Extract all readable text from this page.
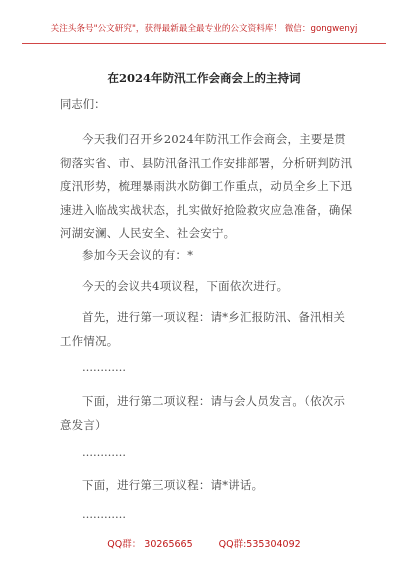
关注头条号"公文研究"，获得最新最全最专业的公文资料库！ 微信：gongwenyj
在2024年防汛工作会商会上的主持词
同志们：
今天我们召开乡2024年防汛工作会商会，主要是贯彻落实省、市、县防汛备汛工作安排部署，分析研判防汛度汛形势，梳理暴雨洪水防御工作重点，动员全乡上下迅速进入临战实战状态，扎实做好抢险救灾应急准备，确保河湖安澜、人民安全、社会安宁。
参加今天会议的有：*
今天的会议共4项议程，下面依次进行。
首先，进行第一项议程：请*乡汇报防汛、备汛相关工作情况。
…………
下面，进行第二项议程：请与会人员发言。（依次示意发言）
…………
下面，进行第三项议程：请*讲话。
…………
QQ群： 30265665	QQ群:535304092
